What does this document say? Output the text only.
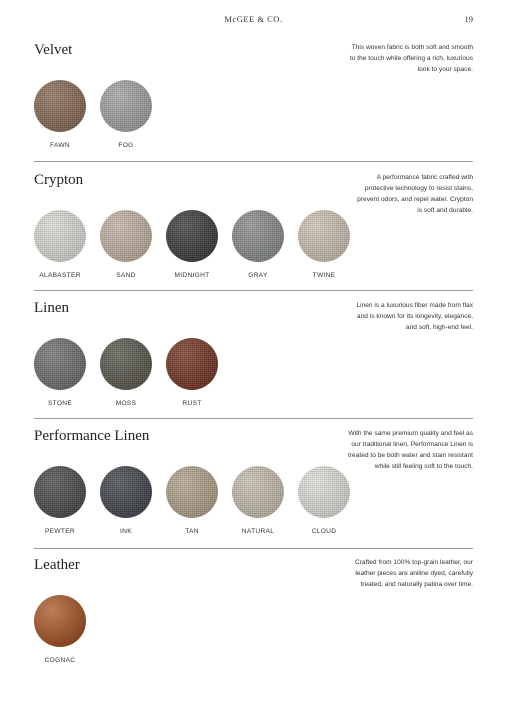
McGEE & CO.	19
Velvet	This woven fabric is both soft and smooth to the touch while offering a rich, luxurious look to your space.
FAWN	FOG
Crypton	A performance fabric crafted with protective technology to resist stains, prevent odors, and repel water. Crypton is soft and durable.
ALABASTER	SAND	MIDNIGHT	GRAY	TWINE
Linen	Linen is a luxurious fiber made from flax and is known for its longevity, elegance, and soft, high-end feel.
STONE	MOSS	RUST
Performance Linen	With the same premium quality and feel as our traditional linen, Performance Linen is treated to be both water and stain resistant while still feeling soft to the touch.
PEWTER	INK	TAN	NATURAL	CLOUD
Leather	Crafted from 100% top-grain leather, our leather pieces are aniline dyed, carefully treated, and naturally patina over time.
COGNAC
